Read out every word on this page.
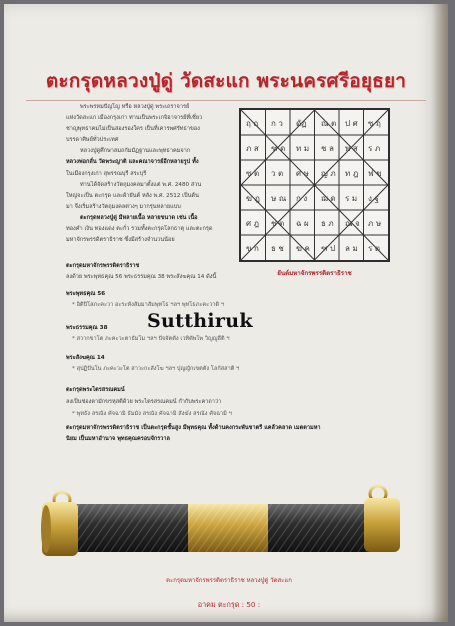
ตะกรุดหลวงปู่ดู่ วัดสะแก พระนครศรีอยุธยา

พระพรหมปัญโญ หรือ หลวงปู่ดู่ พระเถราจารย์

แห่งวัดสะแก เมืองกรุงเก่า ท่านเป็นพระเกจิอาจารย์ที่เชี่ยว

ชาญพุทธาคมไม่เป็นสองรองใคร เป็นที่เคารพศรัทธาของ

บรรดาศิษย์ทั่วประเทศ

หลวงปู่ดู่ศึกษาสมถกัมมัฏฐานและพุทธาคมจาก

หลวงพ่อกลั่น วัดพระญาติ และคณาจารย์อีกหลายรูป ทั้ง

ในเมืองกรุงเก่า สุพรรณบุรี สระบุรี

ท่านได้จัดสร้างวัตถุมงคลมาตั้งแต่ พ.ศ. 2480 ส่วน

ใหญ่จะเป็น ตะกรุด และผ้ายันต์ หลัง พ.ศ. 2512 เป็นต้น

มา จึงเริ่มสร้างวัตถุมงคลต่างๆ มากรุ่นหลายแบบ

ตะกรุดหลวงปู่ดู่ มีหลายเนื้อ หลายขนาด เช่น เนื้อ

ทองคำ เงิน ทองแดง ตะกั่ว รวมทั้งตะกรุดโลกธาตุ และตะกรุด

มหาจักรพรรดิตราธิราช ซึ่งมีสร้างจำนวนน้อย

ฤ ฤ ก ว ดัฏ ณ ต ป ศ ซ ฤ
ภ ส ฑ ด ท ม ช ล พ ส ร ภ
ซ ต ว ต ศ ษ ญ ภ ท ฎ ฟ ข
ฆ ฎ ษ ณ ก ง ฌ ด ร ม ง ฐ
ศ ฎ ช ต ฉ ผ ธ ภ ณ จ ภ ษ
ข ก ธ ช ฆ ค ฑ ป ล ม ร ต
ยันต์มหาจักรพรรดิตราธิราช
ตะกรุดมหาจักรพรรดิตราธิราช
ลงด้วย พระพุทธคุณ 56 พระธรรมคุณ 38 พระสังฆคุณ 14 ดังนี้
พระพุทธคุณ 56
* อิติปิโสภะคะวา อะระหังสัมมาสัมพุทโธ ฯลฯ พุทโธภะคะวาติ ฯ
พระธรรมคุณ 38
* สวากขาโต ภะคะวะตาธัมโม ฯลฯ ปัจจัตตัง เวทิตัพโพ วิญญูฮีติ ฯ
พระสังฆคุณ 14
* สุปฏิปันโน ภะคะวะโต สาวะกะสังโฆ ฯลฯ ปุญญักเขตตัง โลกัสสาติ ฯ
ตะกรุดพระไตรสรณคมน์
ลงเป็นช่องตามักขรหุสตีด้วย พระไตรสรณคมน์ กำกับพระคาถาว่า
* พุทธัง สรณัง คัจฉามิ ธัมมัง สรณัง คัจฉามิ สังฆัง สรณัง คัจฉามิ ฯ
ตะกรุดมหาจักรพรรดิตราธิราช เป็นตะกรุดชั้นสูง มีพุทธคุณ ทั้งด้านคงกระพันชาตรี แคล้วคลาด เมตตามหา
นิยม เป็นมหาอำนาจ พุทธคุณครอบจักรวาล
Sutthiruk
ตะกรุดมหาจักรพรรดิตราธิราช หลวงปู่ดู่ วัดสะแก
อาคม ตะกรุด : 50 :
